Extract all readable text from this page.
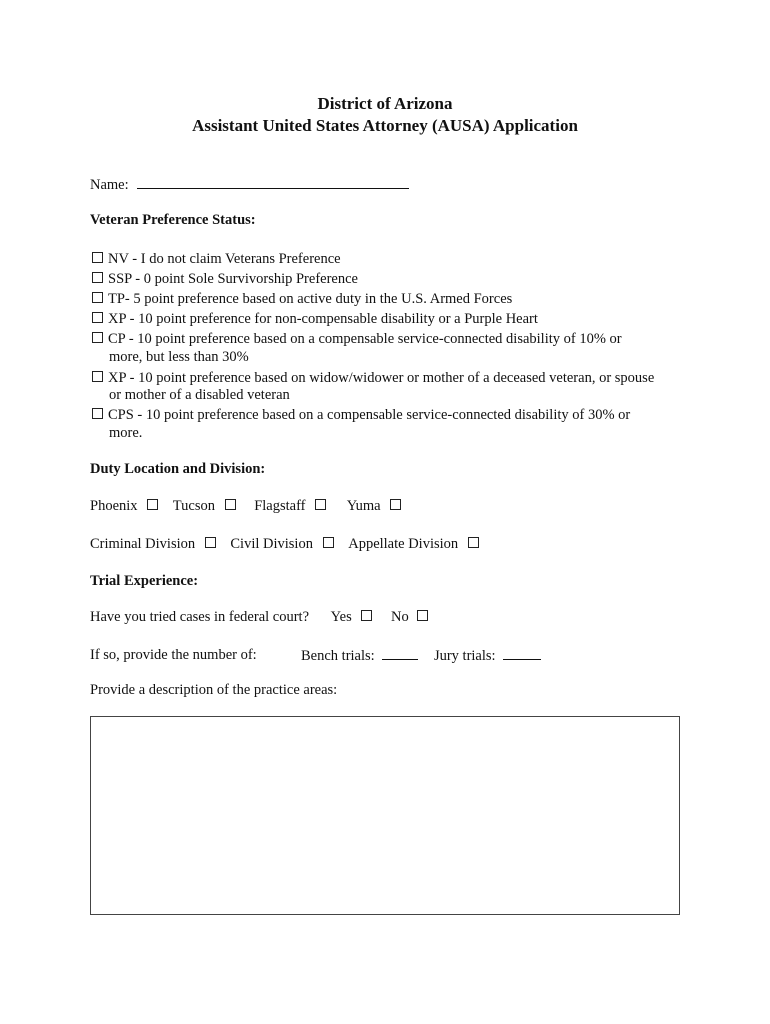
District of Arizona
Assistant United States Attorney (AUSA) Application
Name:
Veteran Preference Status:
NV - I do not claim Veterans Preference
SSP - 0 point Sole Survivorship Preference
TP- 5 point preference based on active duty in the U.S. Armed Forces
XP - 10 point preference for non-compensable disability or a Purple Heart
CP - 10 point preference based on a compensable service-connected disability of 10% or
more, but less than 30%
XP - 10 point preference based on widow/widower or mother of a deceased veteran, or spouse
or mother of a disabled veteran
CPS - 10 point preference based on a compensable service-connected disability of 30% or
more.
Duty Location and Division:
Phoenix Tucson	Flagstaff	Yuma
Criminal Division Civil Division Appellate Division
Trial Experience:
Have you tried cases in federal court? Yes	No
If so, provide the number of:	Bench trials:	Jury trials:
Provide a description of the practice areas:
